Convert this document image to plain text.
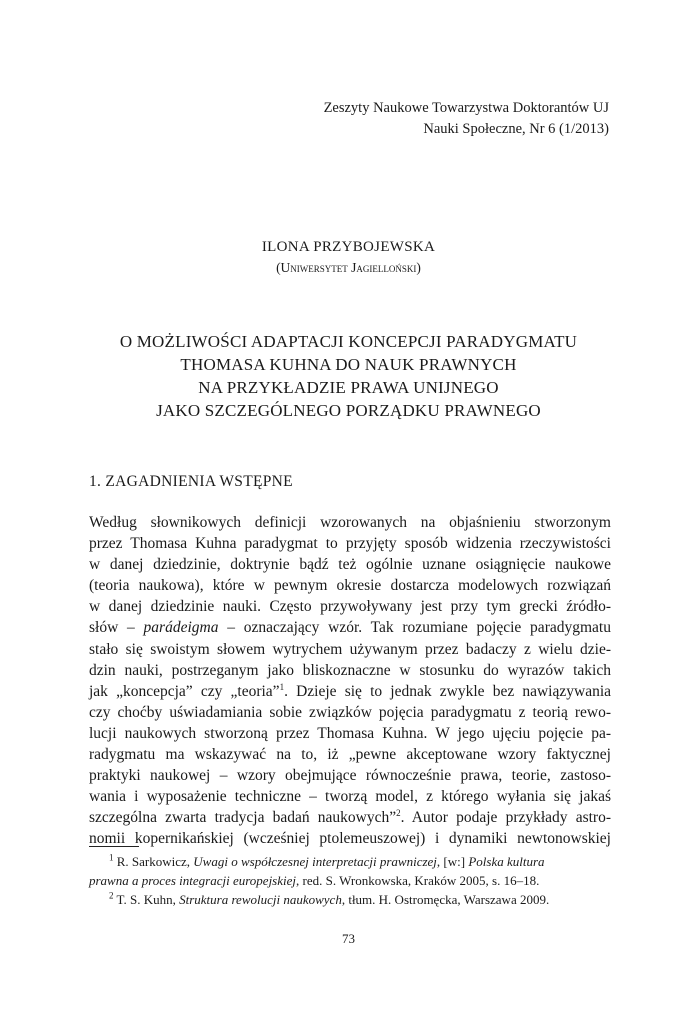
Zeszyty Naukowe Towarzystwa Doktorantów UJ
Nauki Społeczne, Nr 6 (1/2013)
ILONA PRZYBOJEWSKA
(Uniwersytet Jagielloński)
O MOŻLIWOŚCI ADAPTACJI KONCEPCJI PARADYGMATU
THOMASA KUHNA DO NAUK PRAWNYCH
NA PRZYKŁADZIE PRAWA UNIJNEGO
JAKO SZCZEGÓLNEGO PORZĄDKU PRAWNEGO
1. ZAGADNIENIA WSTĘPNE
Według słownikowych definicji wzorowanych na objaśnieniu stworzonym
przez Thomasa Kuhna paradygmat to przyjęty sposób widzenia rzeczywistości
w danej dziedzinie, doktrynie bądź też ogólnie uznane osiągnięcie naukowe
(teoria naukowa), które w pewnym okresie dostarcza modelowych rozwiązań
w danej dziedzinie nauki. Często przywoływany jest przy tym grecki źródło-
słów – parádeigma – oznaczający wzór. Tak rozumiane pojęcie paradygmatu
stało się swoistym słowem wytrychem używanym przez badaczy z wielu dzie-
dzin nauki, postrzeganym jako bliskoznaczne w stosunku do wyrazów takich
jak „koncepcja” czy „teoria”$^1$. Dzieje się to jednak zwykle bez nawiązywania
czy choćby uświadamiania sobie związków pojęcia paradygmatu z teorią rewo-
lucji naukowych stworzoną przez Thomasa Kuhna. W jego ujęciu pojęcie pa-
radygmatu ma wskazywać na to, iż „pewne akceptowane wzory faktycznej
praktyki naukowej – wzory obejmujące równocześnie prawa, teorie, zastoso-
wania i wyposażenie techniczne – tworzą model, z którego wyłania się jakaś
szczególna zwarta tradycja badań naukowych”$^2$. Autor podaje przykłady astro-
nomii kopernikańskiej (wcześniej ptolemeuszowej) i dynamiki newtonowskiej
$^1$ R. Sarkowicz, Uwagi o współczesnej interpretacji prawniczej, [w:] Polska kultura
prawna a proces integracji europejskiej, red. S. Wronkowska, Kraków 2005, s. 16–18.
$^2$ T. S. Kuhn, Struktura rewolucji naukowych, tłum. H. Ostromęcka, Warszawa 2009.
73
